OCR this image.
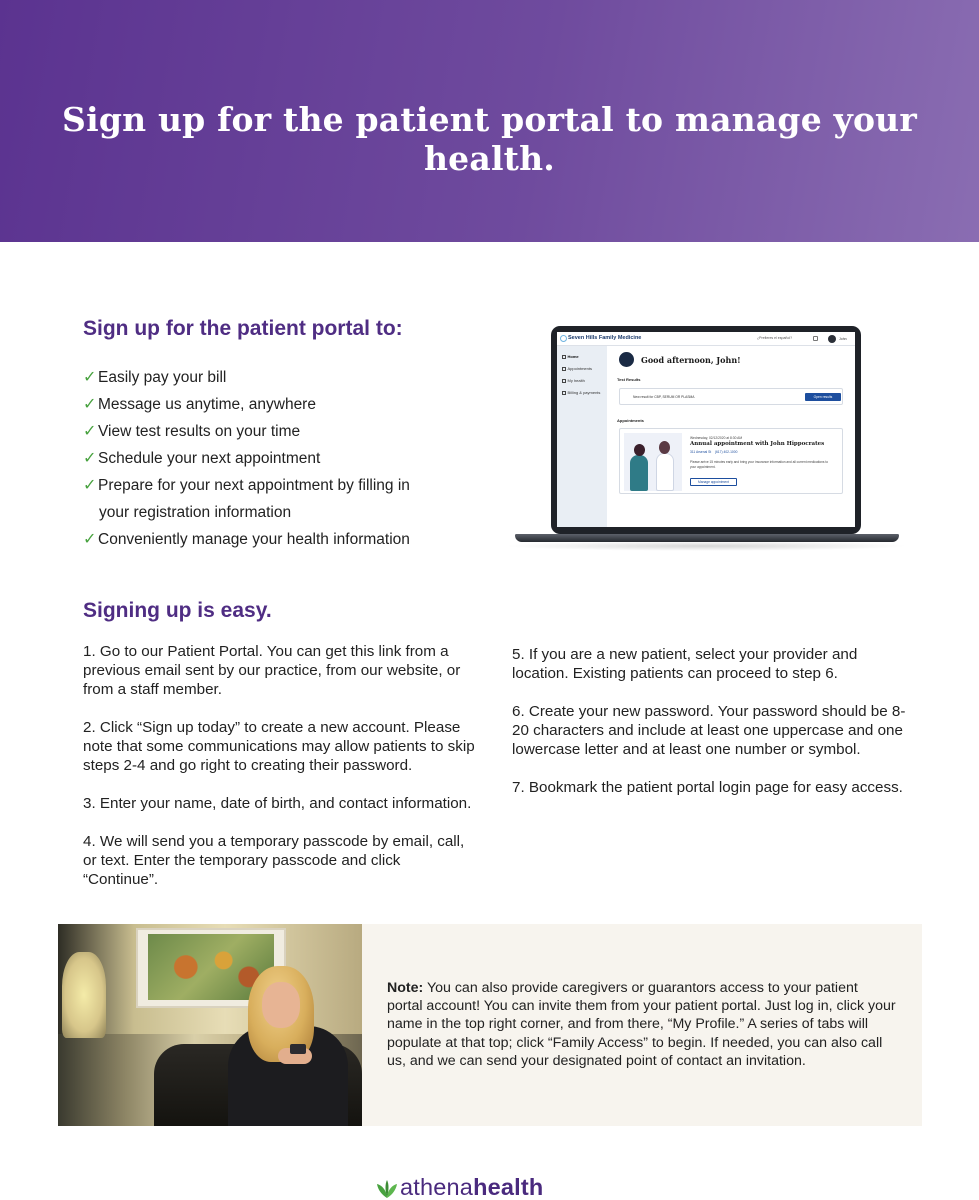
Sign up for the patient portal to manage your health.
Sign up for the patient portal to:
✓ Easily pay your bill
✓ Message us anytime, anywhere
✓ View test results on your time
✓ Schedule your next appointment
✓ Prepare for your next appointment by filling in
your registration information
✓ Conveniently manage your health information
Seven Hills Family Medicine	¿Prefieres el español?	John
Home
Appointments
My health
Billing & payments
Good afternoon, John!
Test Results
New result for CBP, SERUM OR PLASMA	Open results
Appointments
Wednesday, 02/12/2020 at 8:30 AM
Annual appointment with John Hippocrates
311 Arsenal St (617) 402-1000
Please arrive 15 minutes early and bring your insurance information and all current medications to your appointment.
Manage appointment
Signing up is easy.

1. Go to our Patient Portal. You can get this link from a previous email sent by our practice, from our website, or from a staff member.

2. Click “Sign up today” to create a new account. Please note that some communications may allow patients to skip steps 2-4 and go right to creating their password.

3. Enter your name, date of birth, and contact information.

4. We will send you a temporary passcode by email, call, or text. Enter the temporary passcode and click “Continue”.

5. If you are a new patient, select your provider and location. Existing patients can proceed to step 6.

6. Create your new password. Your password should be 8-20 characters and include at least one uppercase and one lowercase letter and at least one number or symbol.

7. Bookmark the patient portal login page for easy access.

Note: You can also provide caregivers or guarantors access to your patient portal account! You can invite them from your patient portal. Just log in, click your name in the top right corner, and from there, “My Profile.” A series of tabs will populate at that top; click “Family Access” to begin. If needed, you can also call us, and we can send your designated point of contact an invitation.
athenahealth
